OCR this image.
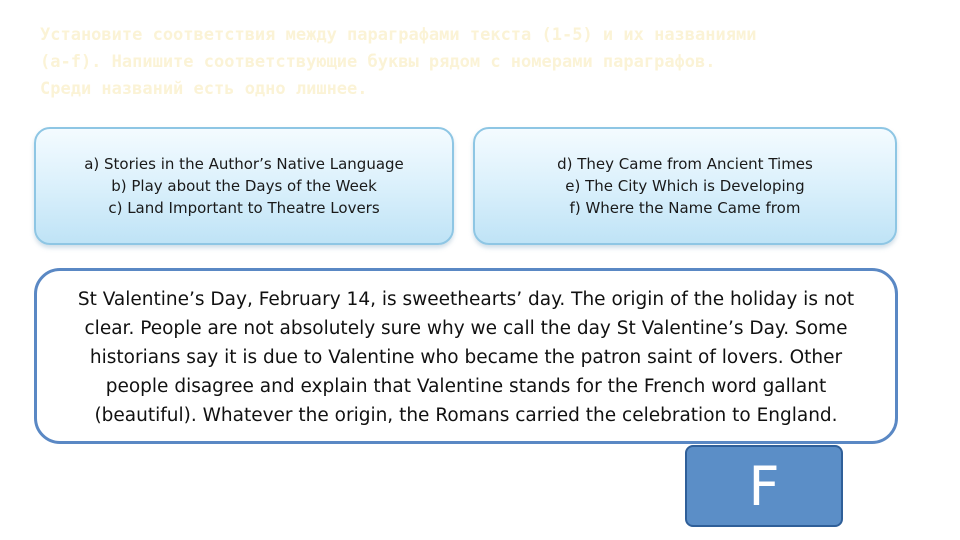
Установите соответствия между параграфами текста (1-5) и их названиями
(a-f). Напишите соответствующие буквы рядом с номерами параграфов.
Среди названий есть одно лишнее.
a) Stories in the Author’s Native Language
b) Play about the Days of the Week
c) Land Important to Theatre Lovers
d) They Came from Ancient Times
e) The City Which is Developing
f) Where the Name Came from
St Valentine’s Day, February 14, is sweethearts’ day. The origin of the holiday is not clear. People are not absolutely sure why we call the day St Valentine’s Day. Some historians say it is due to Valentine who became the patron saint of lovers. Other people disagree and explain that Valentine stands for the French word gallant (beautiful). Whatever the origin, the Romans carried the celebration to England.
F
